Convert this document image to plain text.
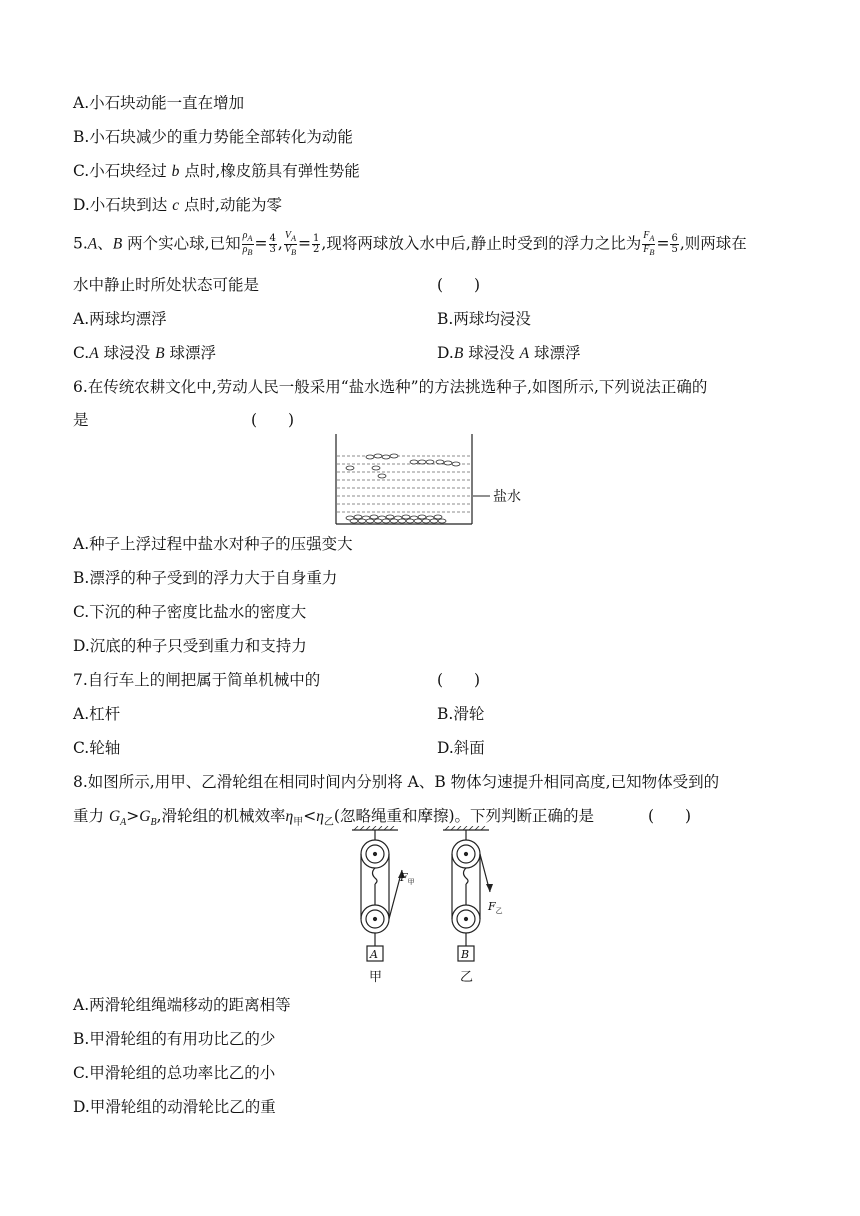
A.小石块动能一直在增加
B.小石块减少的重力势能全部转化为动能
C.小石块经过 b 点时,橡皮筋具有弹性势能
D.小石块到达 c 点时,动能为零
5.A、B 两个实心球,已知 $\frac{\rho_A}{\rho_B} = \frac{4}{3}$ , $\frac{V_A}{V_B} = \frac{1}{2}$ ,现将两球放入水中后,静止时受到的浮力之比为 $\frac{F_A}{F_B} = \frac{6}{5}$ ,则两球在
水中静止时所处状态可能是	(　　)
A.两球均漂浮	B.两球均浸没
C.A 球浸没 B 球漂浮	D.B 球浸没 A 球漂浮
6.在传统农耕文化中,劳动人民一般采用“盐水选种”的方法挑选种子,如图所示,下列说法正确的
是	(　　)
盐水
A.种子上浮过程中盐水对种子的压强变大
B.漂浮的种子受到的浮力大于自身重力
C.下沉的种子密度比盐水的密度大
D.沉底的种子只受到重力和支持力
7.自行车上的闸把属于简单机械中的	(　　)
A.杠杆	B.滑轮
C.轮轴	D.斜面
8.如图所示,用甲、乙滑轮组在相同时间内分别将 A、B 物体匀速提升相同高度,已知物体受到的
重力 $G_A>G_B$,滑轮组的机械效率$\eta_甲<\eta_乙$(忽略绳重和摩擦)。下列判断正确的是	(　　)
A
$F_甲$
甲
B
$F_乙$
乙
A.两滑轮组绳端移动的距离相等
B.甲滑轮组的有用功比乙的少
C.甲滑轮组的总功率比乙的小
D.甲滑轮组的动滑轮比乙的重
